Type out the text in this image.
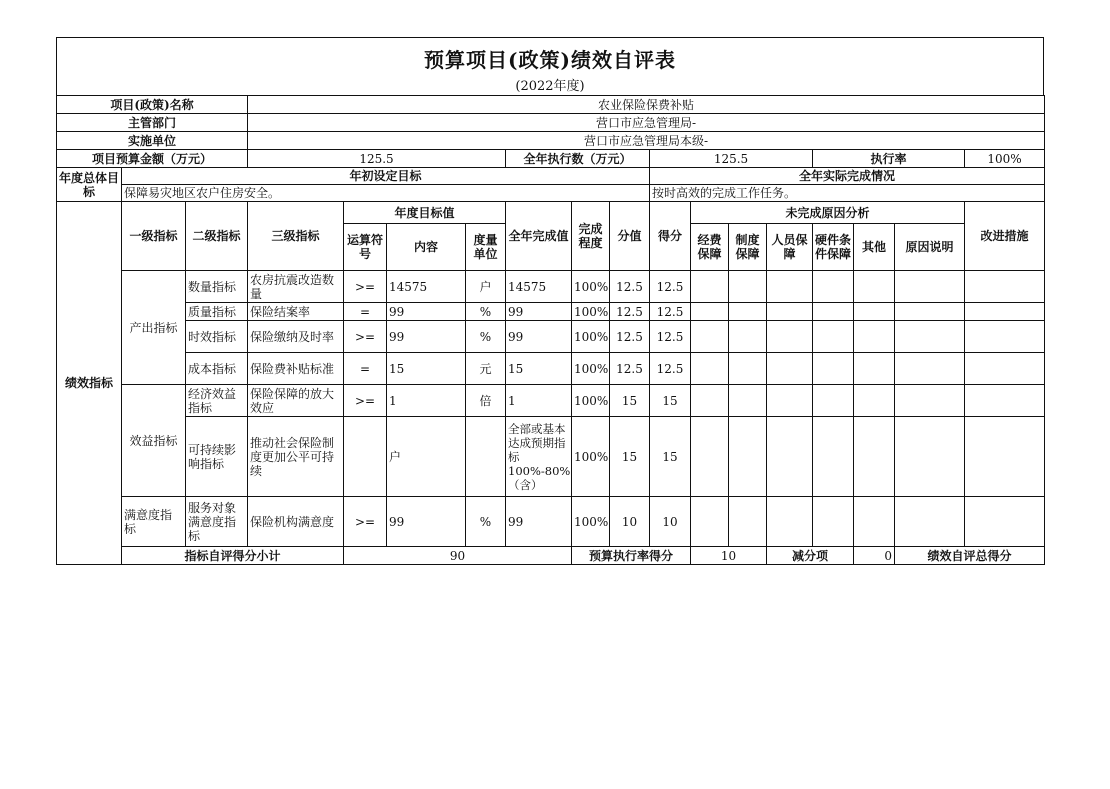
预算项目(政策)绩效自评表
(2022年度)
项目(政策)名称			农业保险保费补贴															
主管部门			营口市应急管理局-															
实施单位			营口市应急管理局本级-															
项目预算金额（万元）			125.5				全年执行数（万元）			125.5				执行率			100%	
年度总体目标	年初设定目标									全年实际完成情况								
	保障易灾地区农户住房安全。									按时高效的完成工作任务。								
绩效指标	一级指标	二级指标	三级指标	年度目标值			全年完成值	完成程度	分值	得分	未完成原因分析						改进措施	
				运算符号	内容	度量单位					经费保障	制度保障	人员保障	硬件条件保障	其他	原因说明		
	产出指标	数量指标	农房抗震改造数量	>=	14575	户	14575	100%	12.5	12.5								
		质量指标	保险结案率	=	99	%	99	100%	12.5	12.5								
		时效指标	保险缴纳及时率	>=	99	%	99	100%	12.5	12.5								
		成本指标	保险费补贴标准	=	15	元	15	100%	12.5	12.5								
	效益指标	经济效益指标	保险保障的放大效应	>=	1	倍	1	100%	15	15								
		可持续影响指标	推动社会保险制度更加公平可持续		户		全部或基本达成预期指标100%-80%（含）	100%	15	15								
	满意度指标	服务对象满意度指标	保险机构满意度	>=	99	%	99	100%	10	10								
	指标自评得分小计			90				预算执行率得分			10		减分项		0	绩效自评总得分	
